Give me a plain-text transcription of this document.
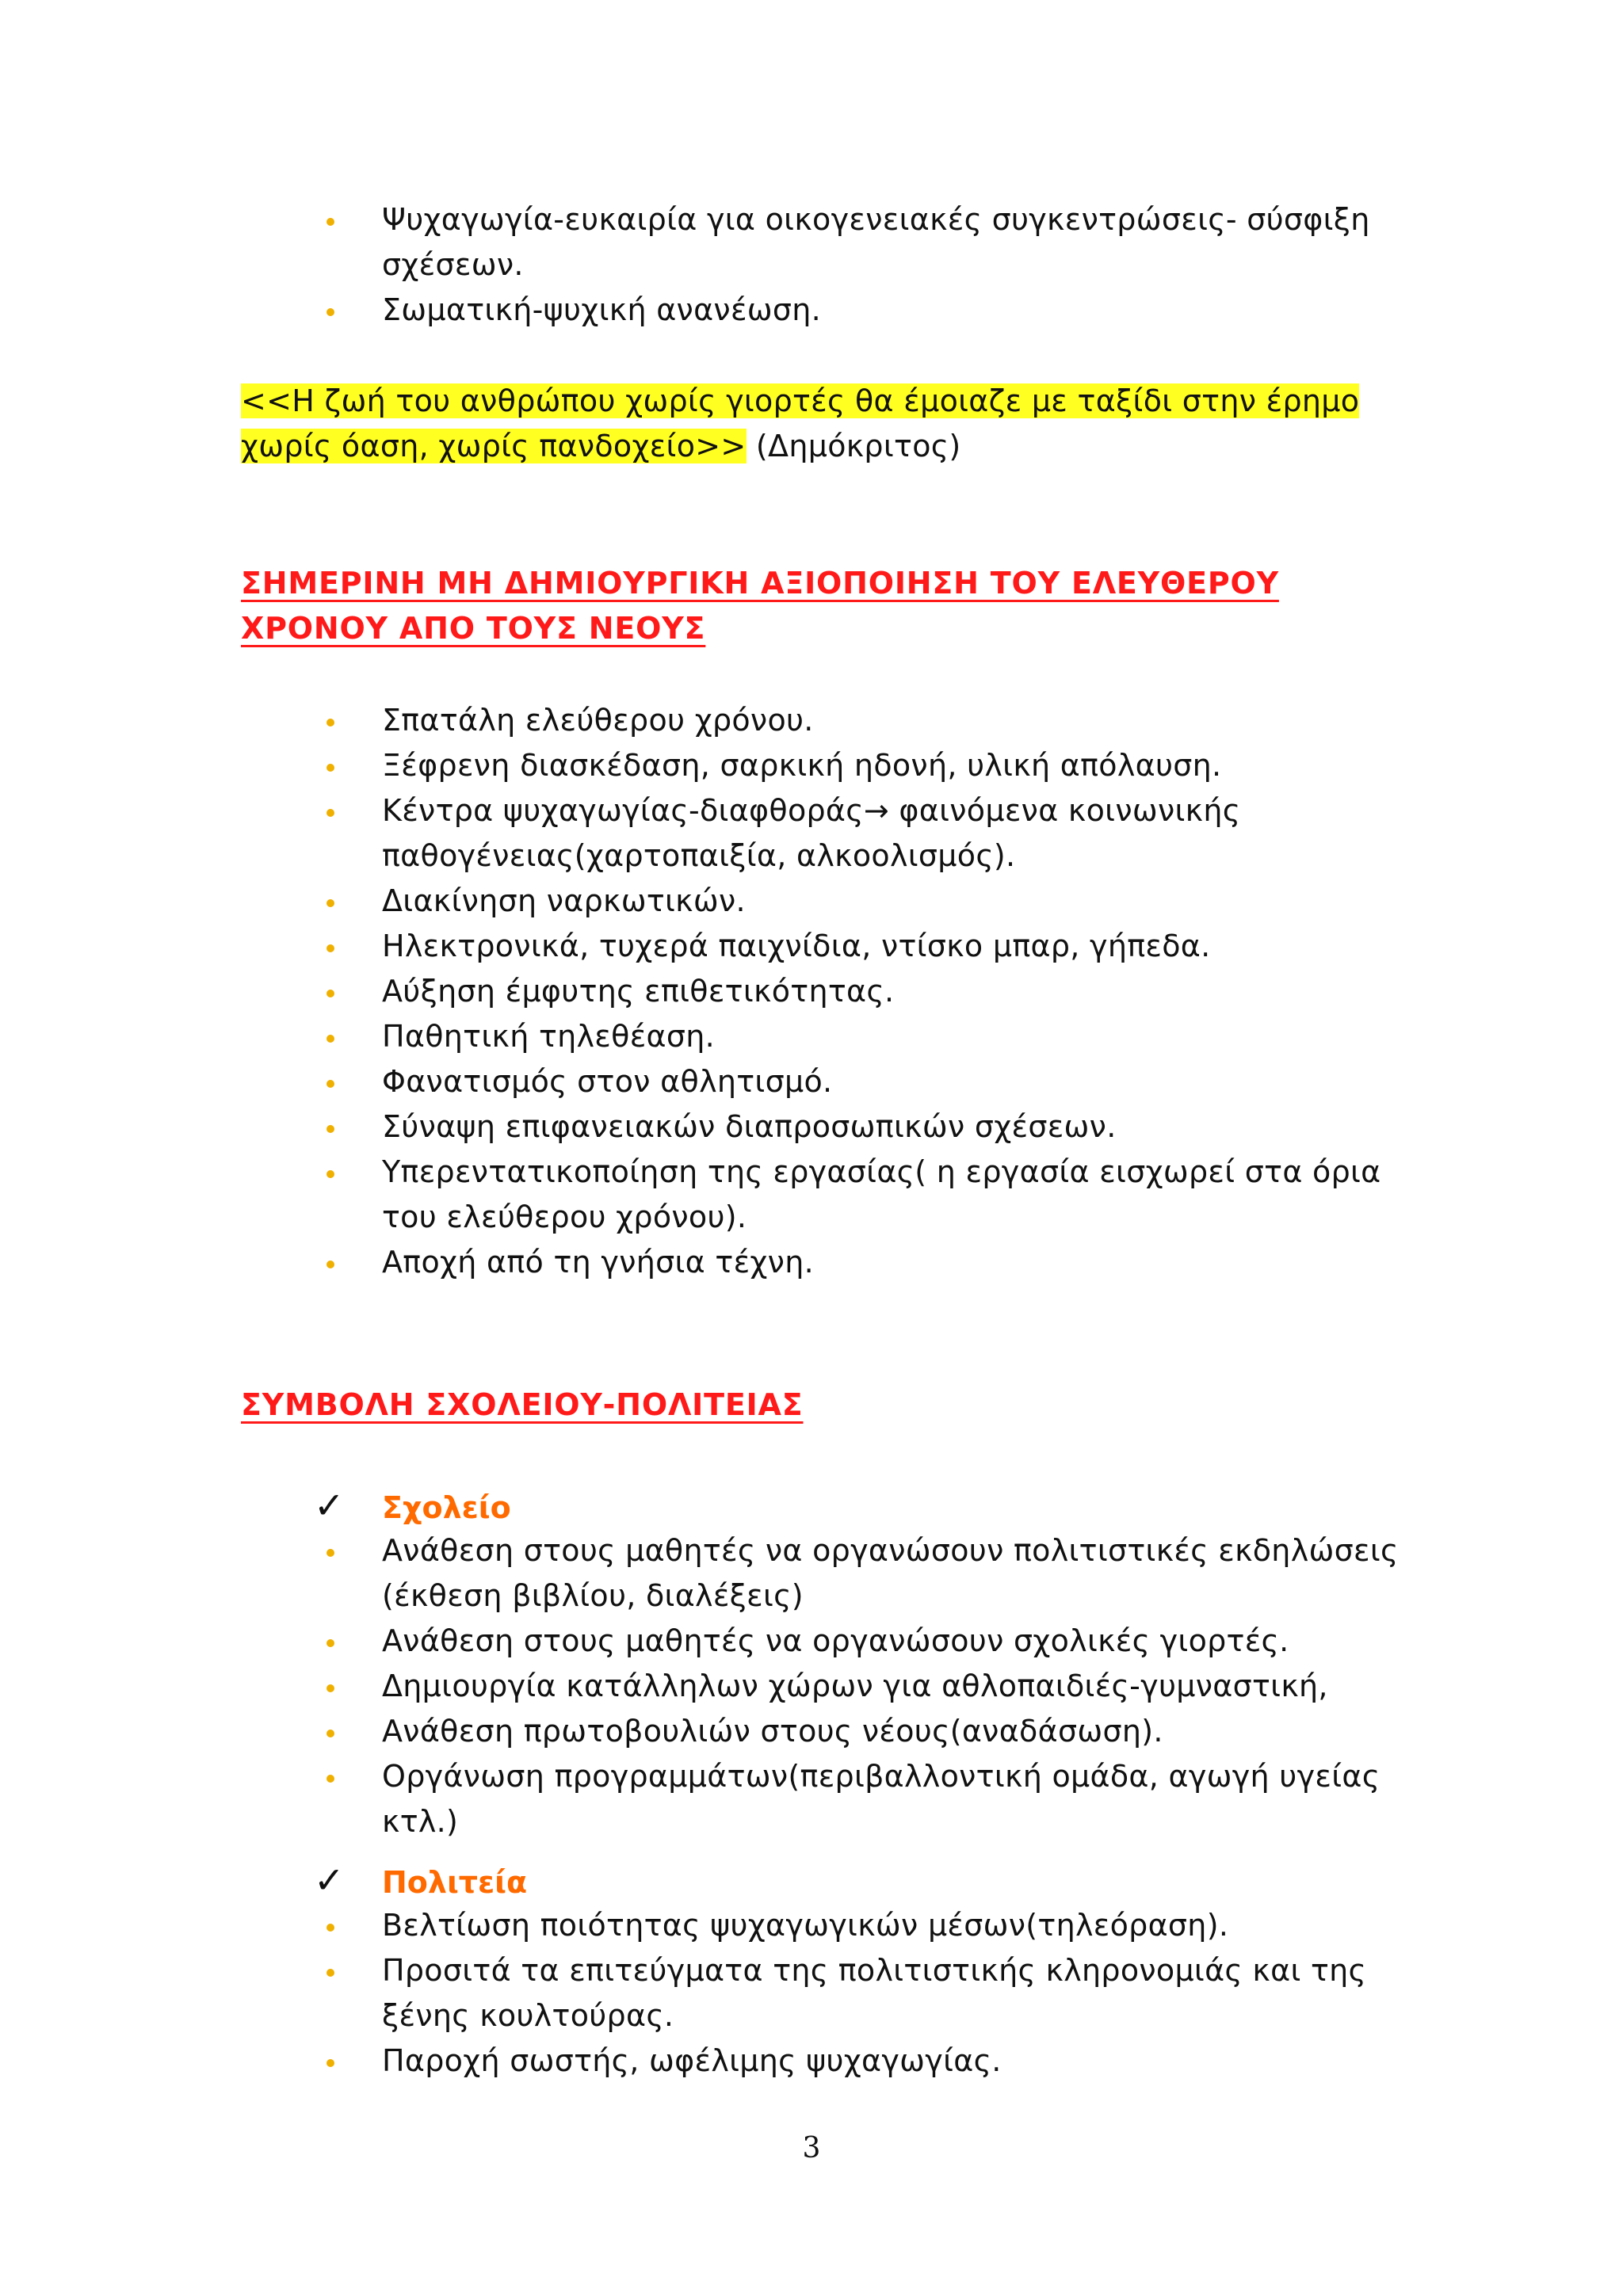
Ψυχαγωγία-ευκαιρία για οικογενειακές συγκεντρώσεις- σύσφιξη σχέσεων.
Σωματική-ψυχική ανανέωση.
<<Η ζωή του ανθρώπου χωρίς γιορτές θα έμοιαζε με ταξίδι στην έρημο χωρίς όαση, χωρίς πανδοχείο>> (Δημόκριτος)
ΣΗΜΕΡΙΝΗ ΜΗ ΔΗΜΙΟΥΡΓΙΚΗ ΑΞΙΟΠΟΙΗΣΗ ΤΟΥ ΕΛΕΥΘΕΡΟΥ
ΧΡΟΝΟΥ ΑΠΟ ΤΟΥΣ ΝΕΟΥΣ
Σπατάλη ελεύθερου χρόνου.
Ξέφρενη διασκέδαση, σαρκική ηδονή, υλική απόλαυση.
Κέντρα ψυχαγωγίας-διαφθοράς→ φαινόμενα κοινωνικής παθογένειας(χαρτοπαιξία, αλκοολισμός).
Διακίνηση ναρκωτικών.
Ηλεκτρονικά, τυχερά παιχνίδια, ντίσκο μπαρ, γήπεδα.
Αύξηση έμφυτης επιθετικότητας.
Παθητική τηλεθέαση.
Φανατισμός στον αθλητισμό.
Σύναψη επιφανειακών διαπροσωπικών σχέσεων.
Υπερεντατικοποίηση της εργασίας( η εργασία εισχωρεί στα όρια του ελεύθερου χρόνου).
Αποχή από τη γνήσια τέχνη.
ΣΥΜΒΟΛΗ ΣΧΟΛΕΙΟΥ-ΠΟΛΙΤΕΙΑΣ
✓ Σχολείο
Ανάθεση στους μαθητές να οργανώσουν πολιτιστικές εκδηλώσεις (έκθεση βιβλίου, διαλέξεις)
Ανάθεση στους μαθητές να οργανώσουν σχολικές γιορτές.
Δημιουργία κατάλληλων χώρων για αθλοπαιδιές-γυμναστική,
Ανάθεση πρωτοβουλιών στους νέους(αναδάσωση).
Οργάνωση προγραμμάτων(περιβαλλοντική ομάδα, αγωγή υγείας κτλ.)
✓ Πολιτεία
Βελτίωση ποιότητας ψυχαγωγικών μέσων(τηλεόραση).
Προσιτά τα επιτεύγματα της πολιτιστικής κληρονομιάς και της ξένης κουλτούρας.
Παροχή σωστής, ωφέλιμης ψυχαγωγίας.
3
